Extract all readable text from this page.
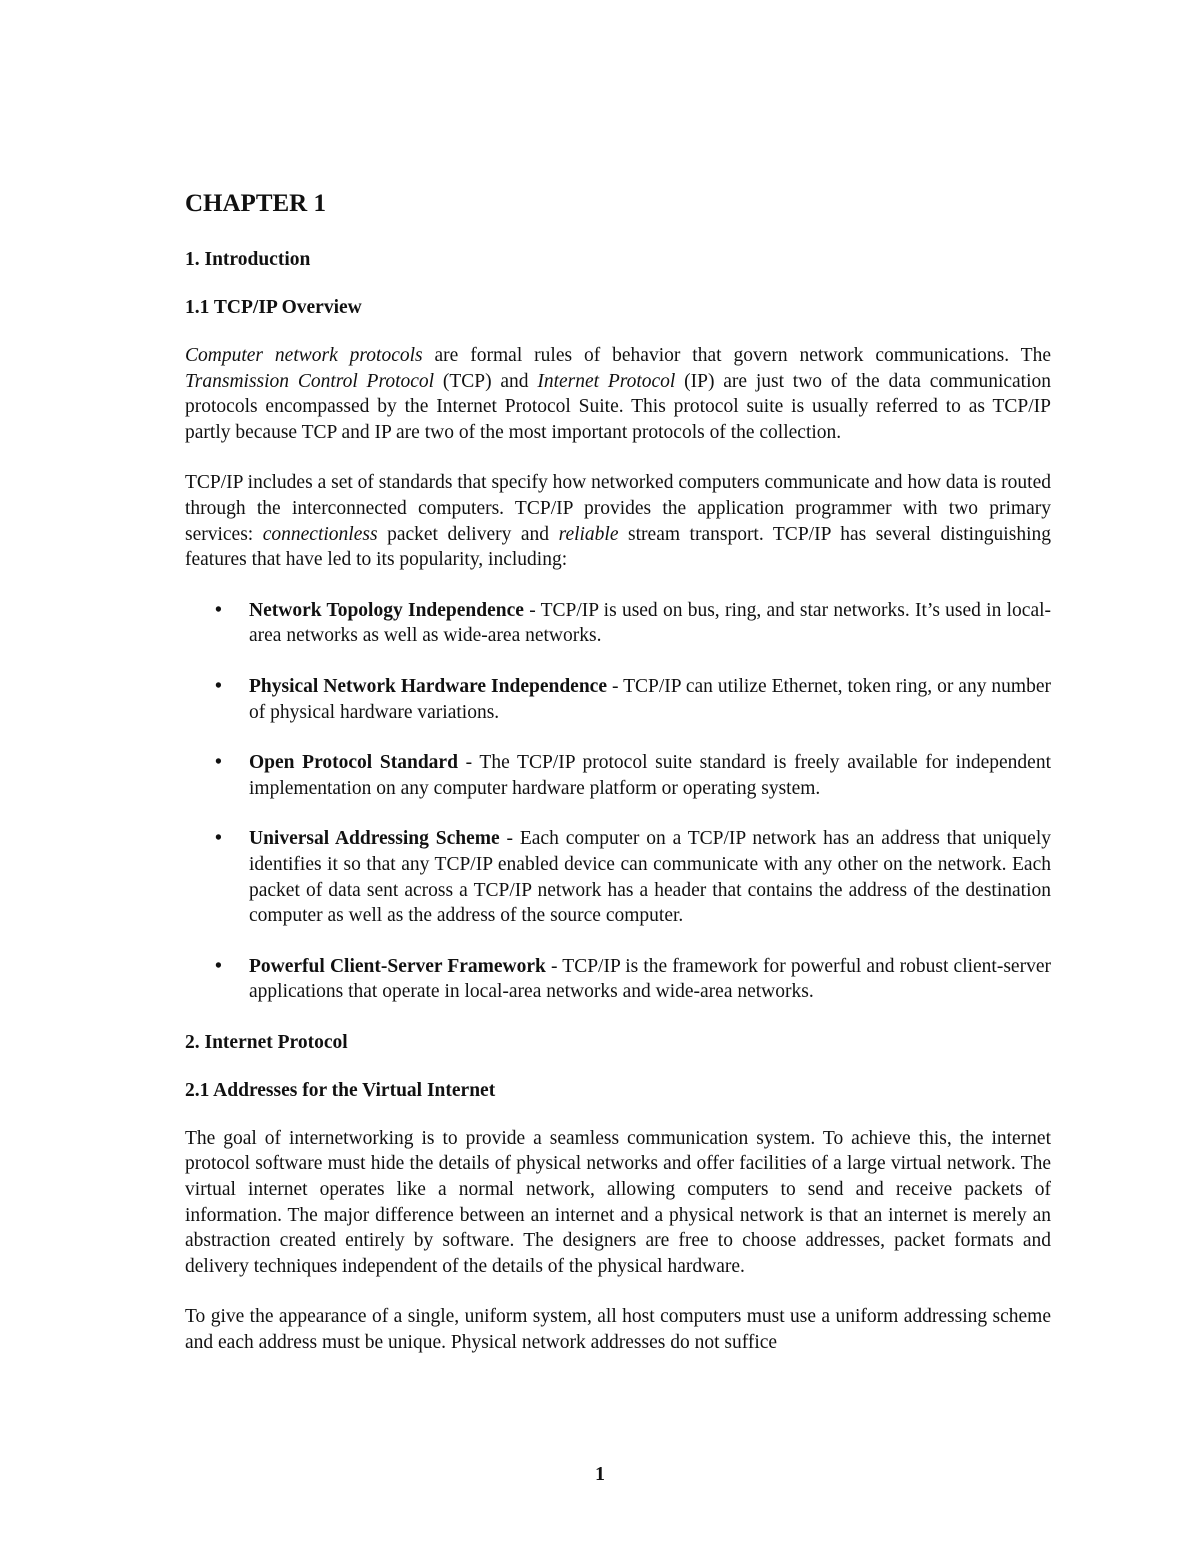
CHAPTER 1
1. Introduction
1.1 TCP/IP Overview

Computer network protocols are formal rules of behavior that govern network communications. The Transmission Control Protocol (TCP) and Internet Protocol (IP) are just two of the data communication protocols encompassed by the Internet Protocol Suite. This protocol suite is usually referred to as TCP/IP partly because TCP and IP are two of the most important protocols of the collection.

TCP/IP includes a set of standards that specify how networked computers communicate and how data is routed through the interconnected computers. TCP/IP provides the application programmer with two primary services: connectionless packet delivery and reliable stream transport. TCP/IP has several distinguishing features that have led to its popularity, including:

• Network Topology Independence - TCP/IP is used on bus, ring, and star networks. It’s used in local-area networks as well as wide-area networks.
• Physical Network Hardware Independence - TCP/IP can utilize Ethernet, token ring, or any number of physical hardware variations.
• Open Protocol Standard - The TCP/IP protocol suite standard is freely available for independent implementation on any computer hardware platform or operating system.
• Universal Addressing Scheme - Each computer on a TCP/IP network has an address that uniquely identifies it so that any TCP/IP enabled device can communicate with any other on the network. Each packet of data sent across a TCP/IP network has a header that contains the address of the destination computer as well as the address of the source computer.
• Powerful Client-Server Framework - TCP/IP is the framework for powerful and robust client-server applications that operate in local-area networks and wide-area networks.
2. Internet Protocol
2.1 Addresses for the Virtual Internet

The goal of internetworking is to provide a seamless communication system. To achieve this, the internet protocol software must hide the details of physical networks and offer facilities of a large virtual network. The virtual internet operates like a normal network, allowing computers to send and receive packets of information. The major difference between an internet and a physical network is that an internet is merely an abstraction created entirely by software. The designers are free to choose addresses, packet formats and delivery techniques independent of the details of the physical hardware.

To give the appearance of a single, uniform system, all host computers must use a uniform addressing scheme and each address must be unique. Physical network addresses do not suffice

1
